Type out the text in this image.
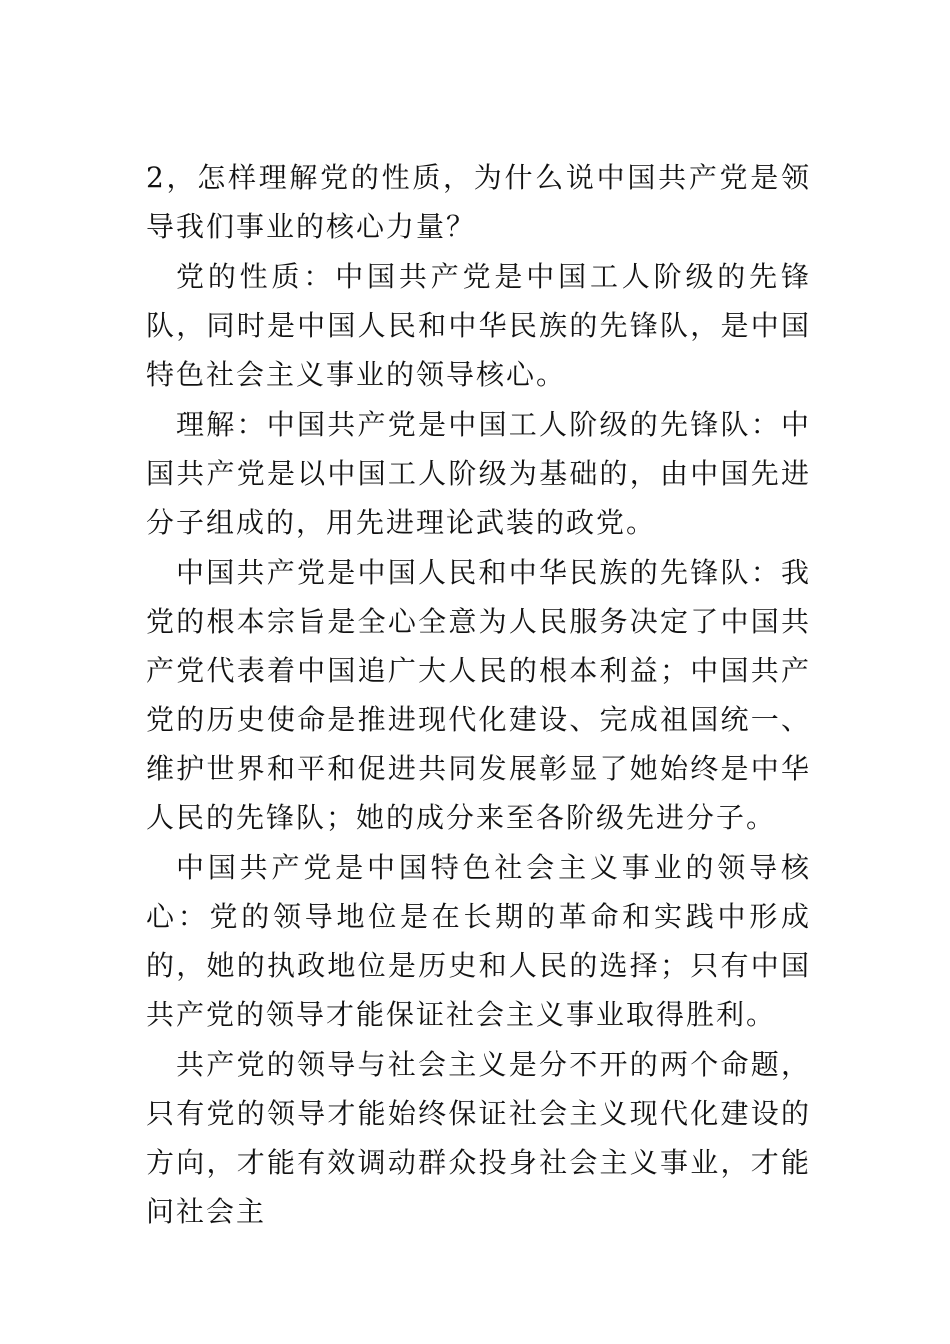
2，怎样理解党的性质，为什么说中国共产党是领导我们事业的核心力量？

党的性质：中国共产党是中国工人阶级的先锋队，同时是中国人民和中华民族的先锋队，是中国特色社会主义事业的领导核心。

理解：中国共产党是中国工人阶级的先锋队：中国共产党是以中国工人阶级为基础的，由中国先进分子组成的，用先进理论武装的政党。

中国共产党是中国人民和中华民族的先锋队：我党的根本宗旨是全心全意为人民服务决定了中国共产党代表着中国追广大人民的根本利益；中国共产党的历史使命是推进现代化建设、完成祖国统一、维护世界和平和促进共同发展彰显了她始终是中华人民的先锋队；她的成分来至各阶级先进分子。

中国共产党是中国特色社会主义事业的领导核心：党的领导地位是在长期的革命和实践中形成的，她的执政地位是历史和人民的选择；只有中国共产党的领导才能保证社会主义事业取得胜利。

共产党的领导与社会主义是分不开的两个命题，只有党的领导才能始终保证社会主义现代化建设的方向，才能有效调动群众投身社会主义事业，才能问社会主
